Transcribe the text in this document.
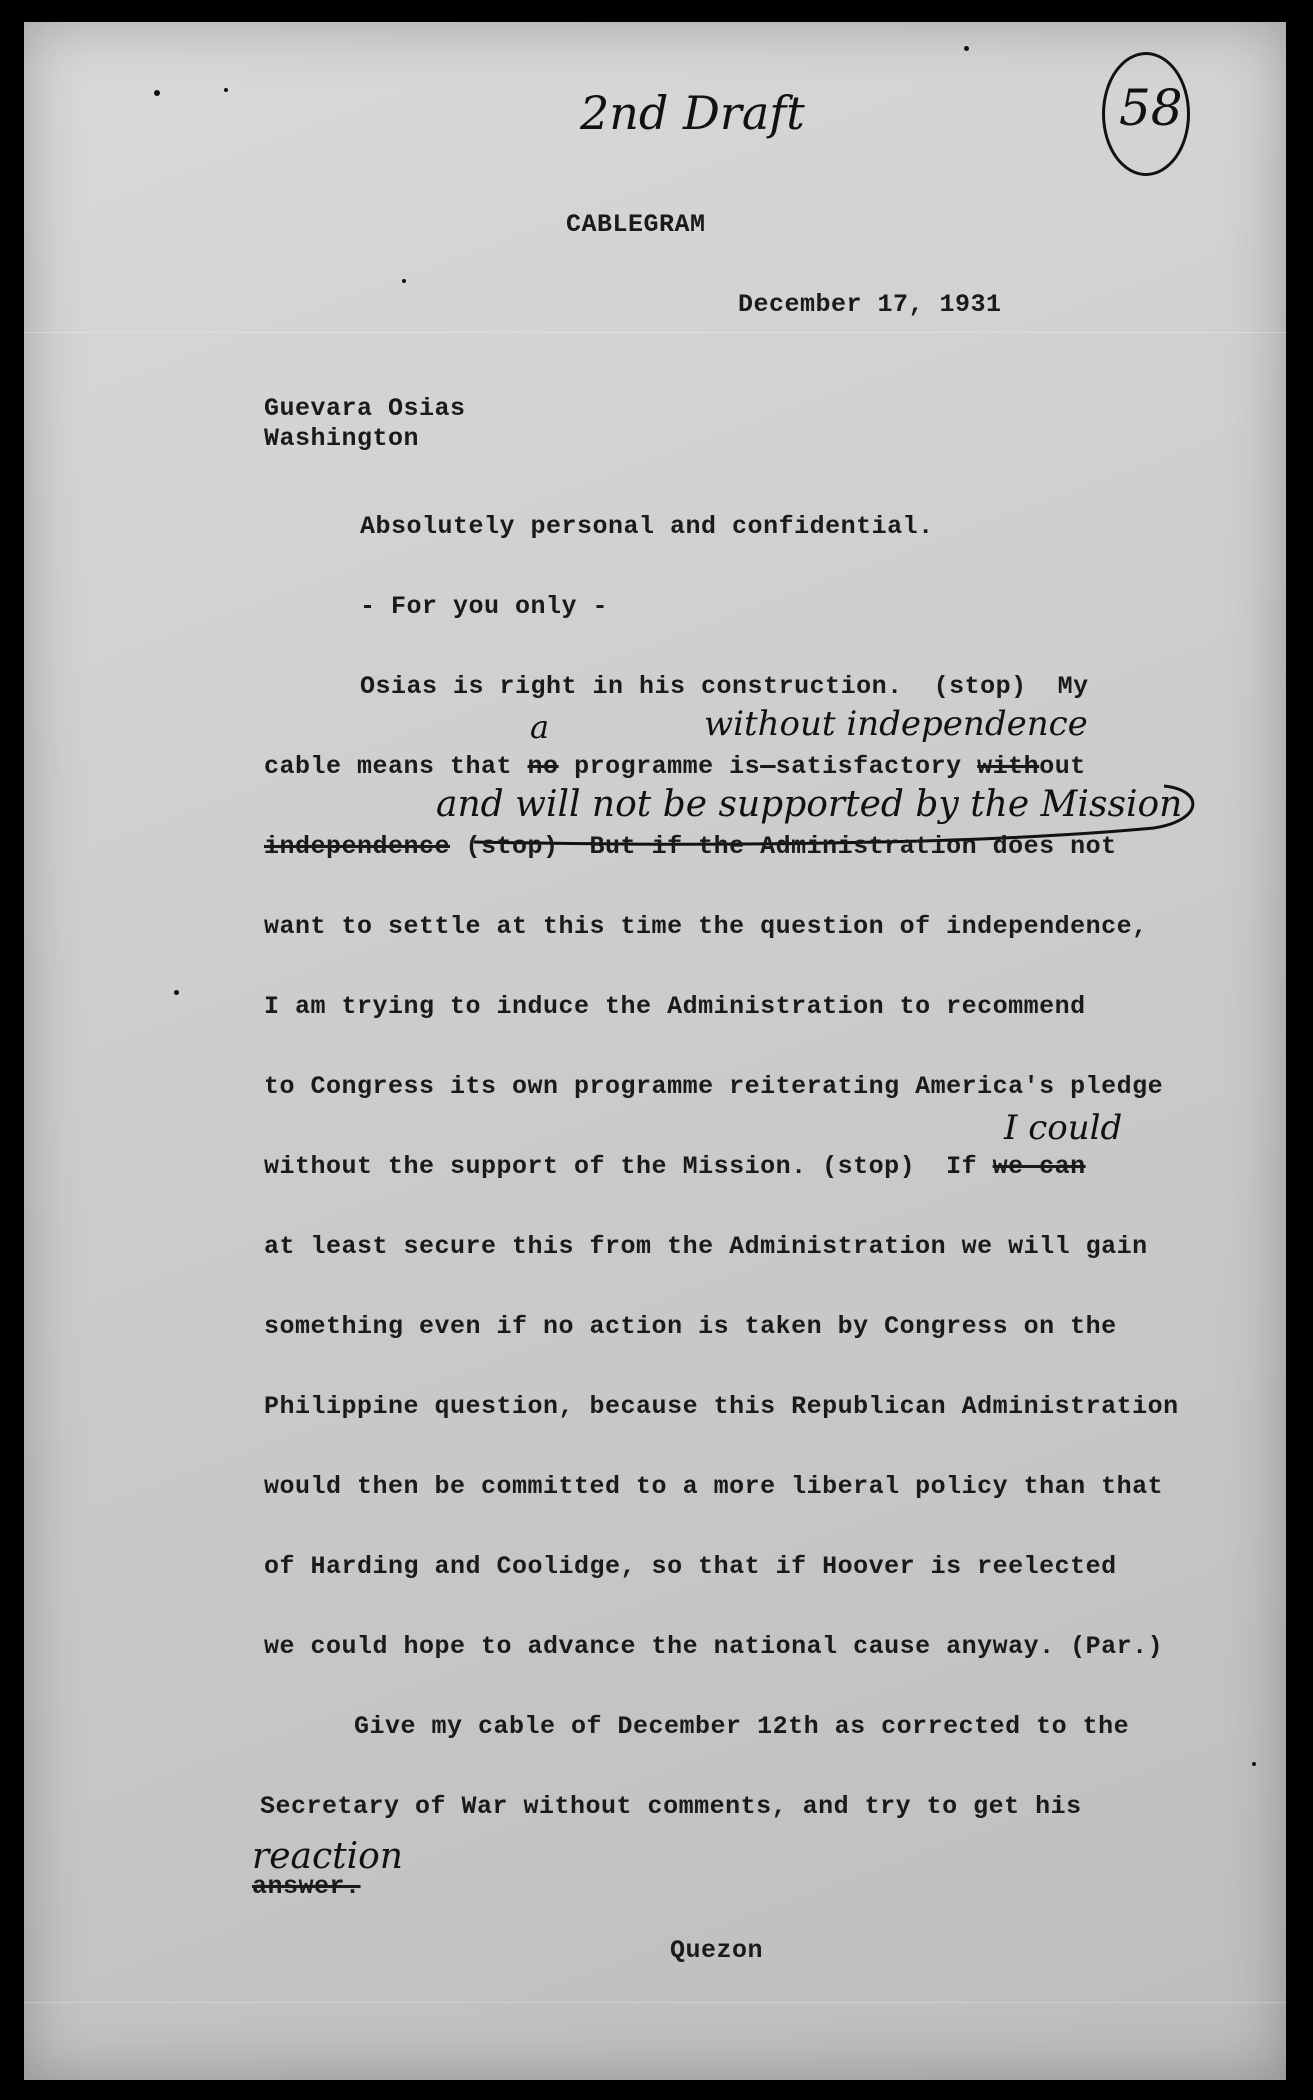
2nd Draft	58
CABLEGRAM
December 17, 1931
Guevara Osias
Washington
Absolutely personal and confidential.
- For you only -
Osias is right in his construction.  (stop)  My
a	without independence
cable means that no programme is-satisfactory without
and will not be supported by the Mission
independence (stop)  But if the Administration does not
want to settle at this time the question of independence,
I am trying to induce the Administration to recommend
to Congress its own programme reiterating America's pledge
I could
without the support of the Mission. (stop)  If we can
at least secure this from the Administration we will gain
something even if no action is taken by Congress on the
Philippine question, because this Republican Administration
would then be committed to a more liberal policy than that
of Harding and Coolidge, so that if Hoover is reelected
we could hope to advance the national cause anyway. (Par.)
Give my cable of December 12th as corrected to the
Secretary of War without comments, and try to get his
reaction
answer.
Quezon
